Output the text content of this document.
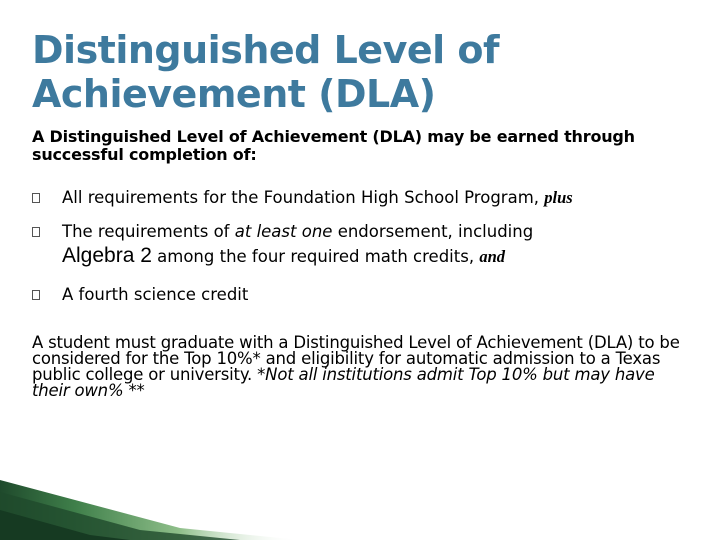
Distinguished Level of
Achievement (DLA)

A Distinguished Level of Achievement (DLA) may be earned through successful completion of:

All requirements for the Foundation High School Program, plus
The requirements of at least one endorsement, including
Algebra 2 among the four required math credits, and
A fourth science credit

A student must graduate with a Distinguished Level of Achievement (DLA) to be considered for the Top 10%* and eligibility for automatic admission to a Texas public college or university. *Not all institutions admit Top 10% but may have their own% **
